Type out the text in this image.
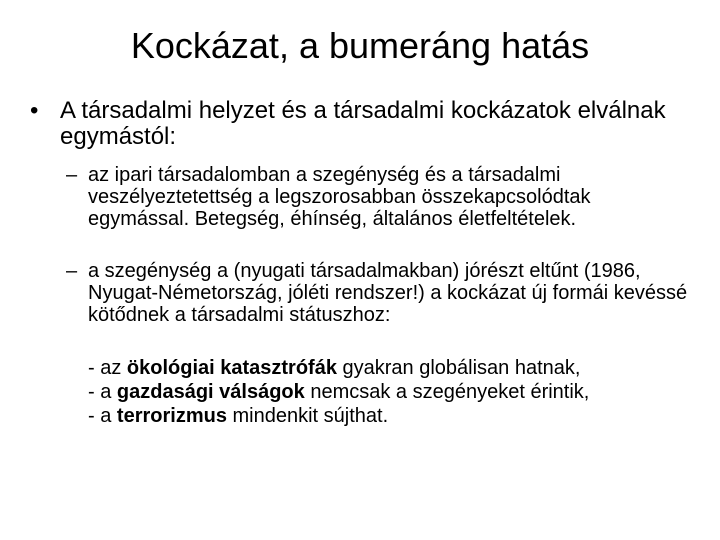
Kockázat, a bumeráng hatás
• A társadalmi helyzet és a társadalmi kockázatok elválnak egymástól:
– az ipari társadalomban a szegénység és a társadalmi veszélyeztetettség a legszorosabban összekapcsolódtak egymással. Betegség, éhínség, általános életfeltételek.
– a szegénység a (nyugati társadalmakban) jórészt eltűnt (1986, Nyugat-Németország, jóléti rendszer!) a kockázat új formái kevéssé kötődnek a társadalmi státuszhoz:
- az ökológiai katasztrófák gyakran globálisan hatnak,
- a gazdasági válságok nemcsak a szegényeket érintik,
- a terrorizmus mindenkit sújthat.
